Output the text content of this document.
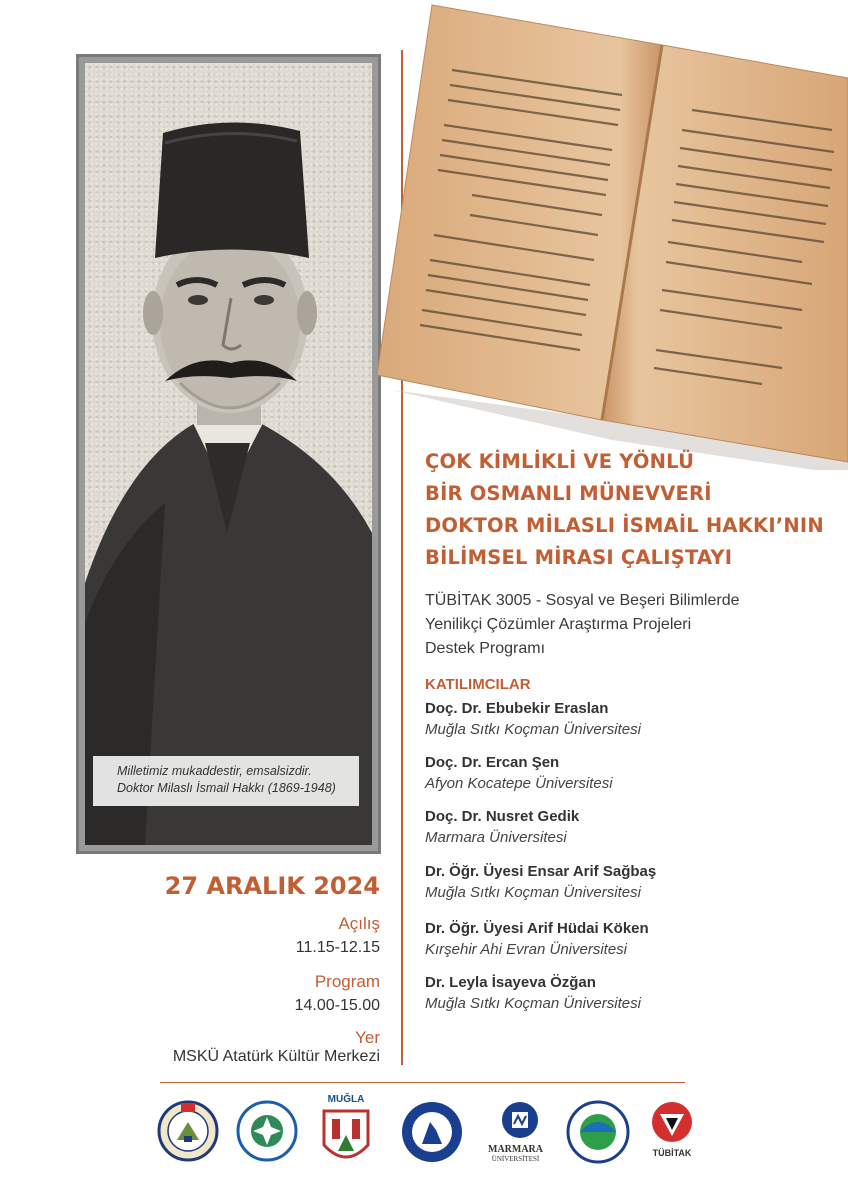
Milletimiz mukaddestir, emsalsizdir.
Doktor Milaslı İsmail Hakkı (1869-1948)
ÇOK KİMLİKLİ VE YÖNLÜ
BİR OSMANLI MÜNEVVERİ
DOKTOR MİLASLI İSMAİL HAKKI’NIN
BİLİMSEL MİRASI ÇALIŞTAYI
TÜBİTAK 3005 - Sosyal ve Beşeri Bilimlerde
Yenilikçi Çözümler Araştırma Projeleri
Destek Programı
KATILIMCILAR
Doç. Dr. Ebubekir Eraslan
Muğla Sıtkı Koçman Üniversitesi
Doç. Dr. Ercan Şen
Afyon Kocatepe Üniversitesi
Doç. Dr. Nusret Gedik
Marmara Üniversitesi
Dr. Öğr. Üyesi Ensar Arif Sağbaş
Muğla Sıtkı Koçman Üniversitesi
Dr. Öğr. Üyesi Arif Hüdai Köken
Kırşehir Ahi Evran Üniversitesi
Dr. Leyla İsayeva Özğan
Muğla Sıtkı Koçman Üniversitesi
27 ARALIK 2024
Açılış
11.15-12.15
Program
14.00-15.00
Yer
MSKÜ Atatürk Kültür Merkezi
MUĞLA
MARMARA
ÜNİVERSİTESİ
TÜBİTAK
